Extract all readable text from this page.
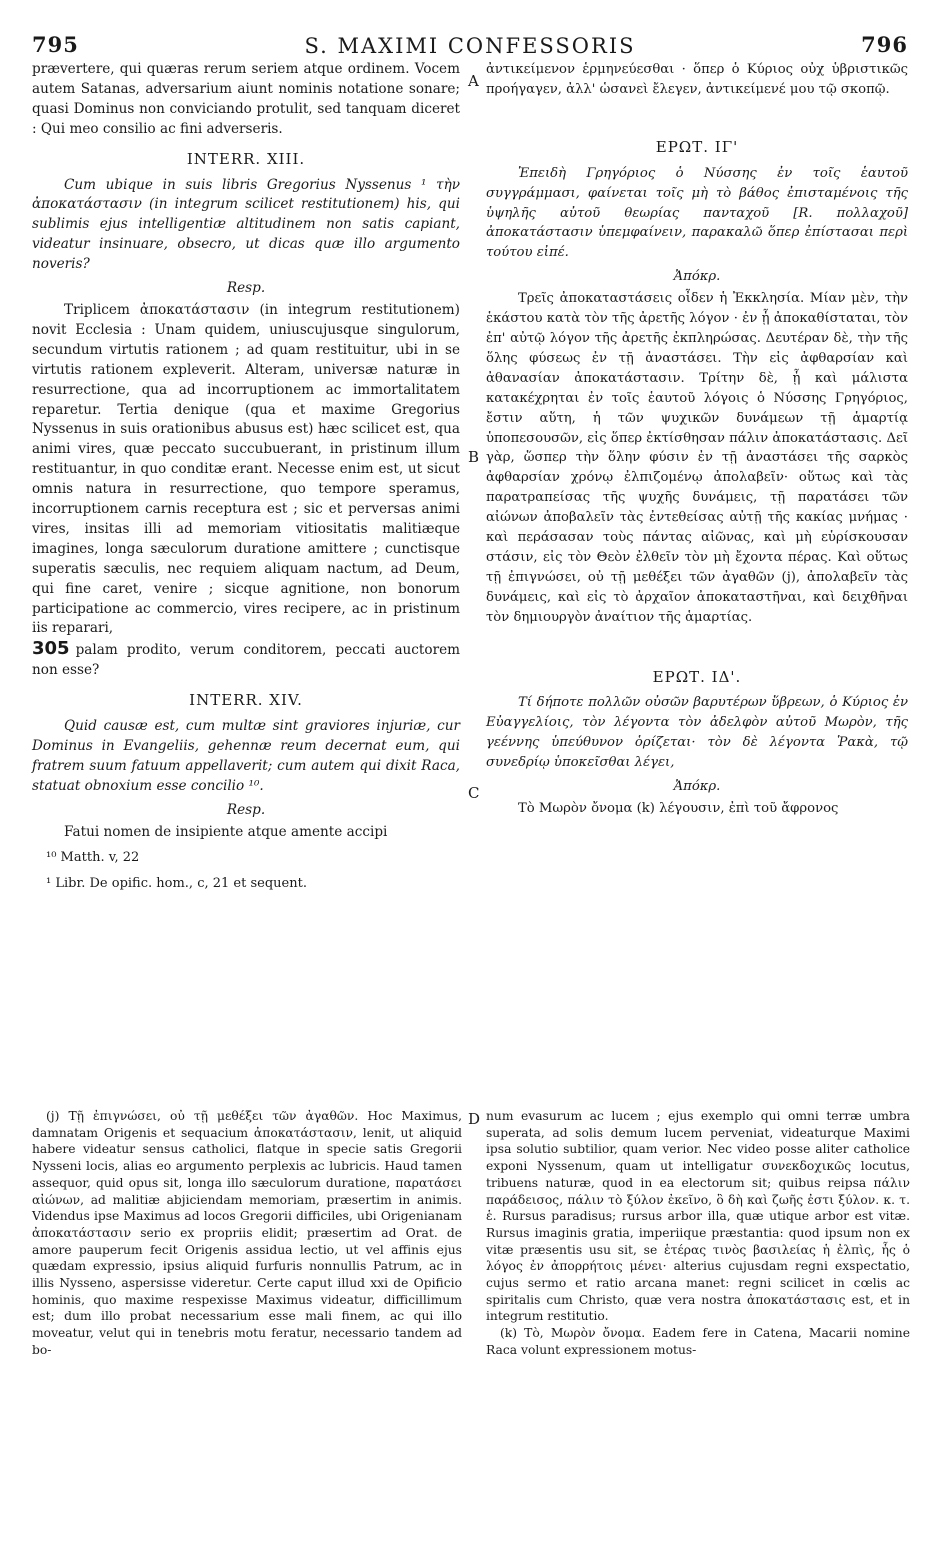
795	S. MAXIMI CONFESSORIS	796
A
B
C
D

prævertere, qui quæras rerum seriem atque ordinem. Vocem autem Satanas, adversarium aiunt nominis notatione sonare; quasi Dominus non conviciando protulit, sed tanquam diceret : Qui meo consilio ac fini adverseris.

INTERR. XIII.

Cum ubique in suis libris Gregorius Nyssenus ¹ τὴν ἀποκατάστασιν (in integrum scilicet restitutionem) his, qui sublimis ejus intelligentiæ altitudinem non satis capiant, videatur insinuare, obsecro, ut dicas quæ illo argumento noveris?

Resp.

Triplicem ἀποκατάστασιν (in integrum restitutionem) novit Ecclesia : Unam quidem, uniuscujusque singulorum, secundum virtutis rationem ; ad quam restituitur, ubi in se virtutis rationem expleverit. Alteram, universæ naturæ in resurrectione, qua ad incorruptionem ac immortalitatem reparetur. Tertia denique (qua et maxime Gregorius Nyssenus in suis orationibus abusus est) hæc scilicet est, qua animi vires, quæ peccato succubuerant, in pristinum illum restituantur, in quo conditæ erant. Necesse enim est, ut sicut omnis natura in resurrectione, quo tempore speramus, incorruptionem carnis receptura est ; sic et perversas animi vires, insitas illi ad memoriam vitiositatis malitiæque imagines, longa sæculorum duratione amittere ; cunctisque superatis sæculis, nec requiem aliquam nactum, ad Deum, qui fine caret, venire ; sicque agnitione, non bonorum participatione ac commercio, vires recipere, ac in pristinum iis reparari,

305 palam prodito, verum conditorem, peccati auctorem non esse?

INTERR. XIV.

Quid causæ est, cum multæ sint graviores injuriæ, cur Dominus in Evangeliis, gehennæ reum decernat eum, qui fratrem suum fatuum appellaverit; cum autem qui dixit Raca, statuat obnoxium esse concilio ¹⁰.

Resp.

Fatui nomen de insipiente atque amente accipi

¹⁰ Matth. v, 22

¹ Libr. De opific. hom., c, 21 et sequent.

ἀντικείμενον ἑρμηνεύεσθαι · ὅπερ ὁ Κύριος οὐχ ὑβριστικῶς προήγαγεν, ἀλλ' ὡσανεὶ ἔλεγεν, ἀντικείμενέ μου τῷ σκοπῷ.

ΕΡΩΤ. ΙΓ'

Ἐπειδὴ Γρηγόριος ὁ Νύσσης ἐν τοῖς ἑαυτοῦ συγγράμμασι, φαίνεται τοῖς μὴ τὸ βάθος ἐπισταμένοις τῆς ὑψηλῆς αὐτοῦ θεωρίας πανταχοῦ [R. πολλαχοῦ] ἀποκατάστασιν ὑπεμφαίνειν, παρακαλῶ ὅπερ ἐπίστασαι περὶ τούτου εἰπέ.

Ἀπόκρ.

Τρεῖς ἀποκαταστάσεις οἶδεν ἡ Ἐκκλησία. Μίαν μὲν, τὴν ἑκάστου κατὰ τὸν τῆς ἀρετῆς λόγον · ἐν ᾗ ἀποκαθίσταται, τὸν ἐπ' αὐτῷ λόγον τῆς ἀρετῆς ἐκπληρώσας. Δευτέραν δὲ, τὴν τῆς ὅλης φύσεως ἐν τῇ ἀναστάσει. Τὴν εἰς ἀφθαρσίαν καὶ ἀθανασίαν ἀποκατάστασιν. Τρίτην δὲ, ᾗ καὶ μάλιστα κατακέχρηται ἐν τοῖς ἑαυτοῦ λόγοις ὁ Νύσσης Γρηγόριος, ἔστιν αὕτη, ἡ τῶν ψυχικῶν δυνάμεων τῇ ἁμαρτίᾳ ὑποπεσουσῶν, εἰς ὅπερ ἐκτίσθησαν πάλιν ἀποκατάστασις. Δεῖ γὰρ, ὥσπερ τὴν ὅλην φύσιν ἐν τῇ ἀναστάσει τῆς σαρκὸς ἀφθαρσίαν χρόνῳ ἐλπιζομένῳ ἀπολαβεῖν· οὕτως καὶ τὰς παρατραπείσας τῆς ψυχῆς δυνάμεις, τῇ παρατάσει τῶν αἰώνων ἀποβαλεῖν τὰς ἐντεθείσας αὐτῇ τῆς κακίας μνήμας · καὶ περάσασαν τοὺς πάντας αἰῶνας, καὶ μὴ εὑρίσκουσαν στάσιν, εἰς τὸν Θεὸν ἐλθεῖν τὸν μὴ ἔχοντα πέρας. Καὶ οὕτως τῇ ἐπιγνώσει, οὐ τῇ μεθέξει τῶν ἀγαθῶν (j), ἀπολαβεῖν τὰς δυνάμεις, καὶ εἰς τὸ ἀρχαῖον ἀποκαταστῆναι, καὶ δειχθῆναι τὸν δημιουργὸν ἀναίτιον τῆς ἁμαρτίας.

ΕΡΩΤ. ΙΔ'.

Τί δήποτε πολλῶν οὐσῶν βαρυτέρων ὕβρεων, ὁ Κύριος ἐν Εὐαγγελίοις, τὸν λέγοντα τὸν ἀδελφὸν αὐτοῦ Μωρὸν, τῆς γεέννης ὑπεύθυνον ὁρίζεται· τὸν δὲ λέγοντα Ῥακὰ, τῷ συνεδρίῳ ὑποκεῖσθαι λέγει,

Ἀπόκρ.

Τὸ Μωρὸν ὄνομα (k) λέγουσιν, ἐπὶ τοῦ ἄφρονος

(j) Τῇ ἐπιγνώσει, οὐ τῇ μεθέξει τῶν ἀγαθῶν. Hoc Maximus, damnatam Origenis et sequacium ἀποκατάστασιν, lenit, ut aliquid habere videatur sensus catholici, flatque in specie satis Gregorii Nysseni locis, alias eo argumento perplexis ac lubricis. Haud tamen assequor, quid opus sit, longa illo sæculorum duratione, παρατάσει αἰώνων, ad malitiæ abjiciendam memoriam, præsertim in animis. Videndus ipse Maximus ad locos Gregorii difficiles, ubi Origenianam ἀποκατάστασιν serio ex propriis elidit; præsertim ad Orat. de amore pauperum fecit Origenis assidua lectio, ut vel affinis ejus quædam expressio, ipsius aliquid furfuris nonnullis Patrum, ac in illis Nysseno, aspersisse videretur. Certe caput illud xxi de Opificio hominis, quo maxime respexisse Maximus videatur, difficillimum est; dum illo probat necessarium esse mali finem, ac qui illo moveatur, velut qui in tenebris motu feratur, necessario tandem ad bo-

num evasurum ac lucem ; ejus exemplo qui omni terræ umbra superata, ad solis demum lucem perveniat, videaturque Maximi ipsa solutio subtilior, quam verior. Nec video posse aliter catholice exponi Nyssenum, quam ut intelligatur συνεκδοχικῶς locutus, tribuens naturæ, quod in ea electorum sit; quibus reipsa πάλιν παράδεισος, πάλιν τὸ ξύλον ἐκεῖνο, ὃ δὴ καὶ ζωῆς ἐστι ξύλον. κ. τ. ἑ. Rursus paradisus; rursus arbor illa, quæ utique arbor est vitæ. Rursus imaginis gratia, imperiique præstantia: quod ipsum non ex vitæ præsentis usu sit, se ἑτέρας τινὸς βασιλείας ἡ ἐλπὶς, ἧς ὁ λόγος ἐν ἀπορρήτοις μένει· alterius cujusdam regni exspectatio, cujus sermo et ratio arcana manet: regni scilicet in cœlis ac spiritalis cum Christo, quæ vera nostra ἀποκατάστασις est, et in integrum restitutio.

(k) Τὸ, Μωρὸν ὄνομα. Eadem fere in Catena, Macarii nomine Raca volunt expressionem motus-
